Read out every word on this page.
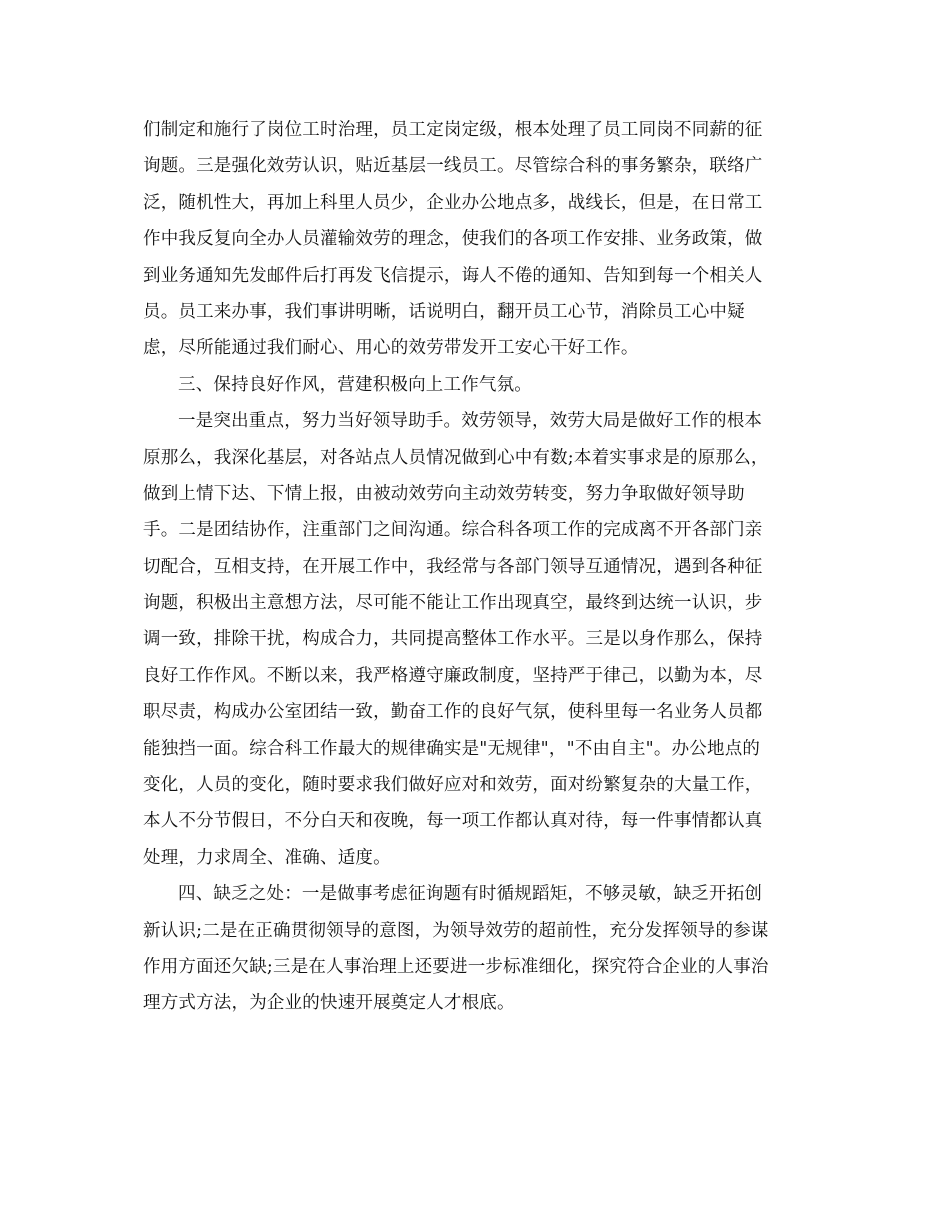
们制定和施行了岗位工时治理，员工定岗定级，根本处理了员工同岗不同薪的征
询题。三是强化效劳认识，贴近基层一线员工。尽管综合科的事务繁杂，联络广
泛，随机性大，再加上科里人员少，企业办公地点多，战线长，但是，在日常工
作中我反复向全办人员灌输效劳的理念，使我们的各项工作安排、业务政策，做
到业务通知先发邮件后打再发飞信提示，诲人不倦的通知、告知到每一个相关人
员。员工来办事，我们事讲明晰，话说明白，翻开员工心节，消除员工心中疑
虑，尽所能通过我们耐心、用心的效劳带发开工安心干好工作。
三、保持良好作风，营建积极向上工作气氛。
一是突出重点，努力当好领导助手。效劳领导，效劳大局是做好工作的根本
原那么，我深化基层，对各站点人员情况做到心中有数;本着实事求是的原那么，
做到上情下达、下情上报，由被动效劳向主动效劳转变，努力争取做好领导助
手。二是团结协作，注重部门之间沟通。综合科各项工作的完成离不开各部门亲
切配合，互相支持，在开展工作中，我经常与各部门领导互通情况，遇到各种征
询题，积极出主意想方法，尽可能不能让工作出现真空，最终到达统一认识，步
调一致，排除干扰，构成合力，共同提高整体工作水平。三是以身作那么，保持
良好工作作风。不断以来，我严格遵守廉政制度，坚持严于律己，以勤为本，尽
职尽责，构成办公室团结一致，勤奋工作的良好气氛，使科里每一名业务人员都
能独挡一面。综合科工作最大的规律确实是"无规律"，"不由自主"。办公地点的
变化，人员的变化，随时要求我们做好应对和效劳，面对纷繁复杂的大量工作，
本人不分节假日，不分白天和夜晚，每一项工作都认真对待，每一件事情都认真
处理，力求周全、准确、适度。
四、缺乏之处：一是做事考虑征询题有时循规蹈矩，不够灵敏，缺乏开拓创
新认识;二是在正确贯彻领导的意图，为领导效劳的超前性，充分发挥领导的参谋
作用方面还欠缺;三是在人事治理上还要进一步标准细化，探究符合企业的人事治
理方式方法，为企业的快速开展奠定人才根底。
